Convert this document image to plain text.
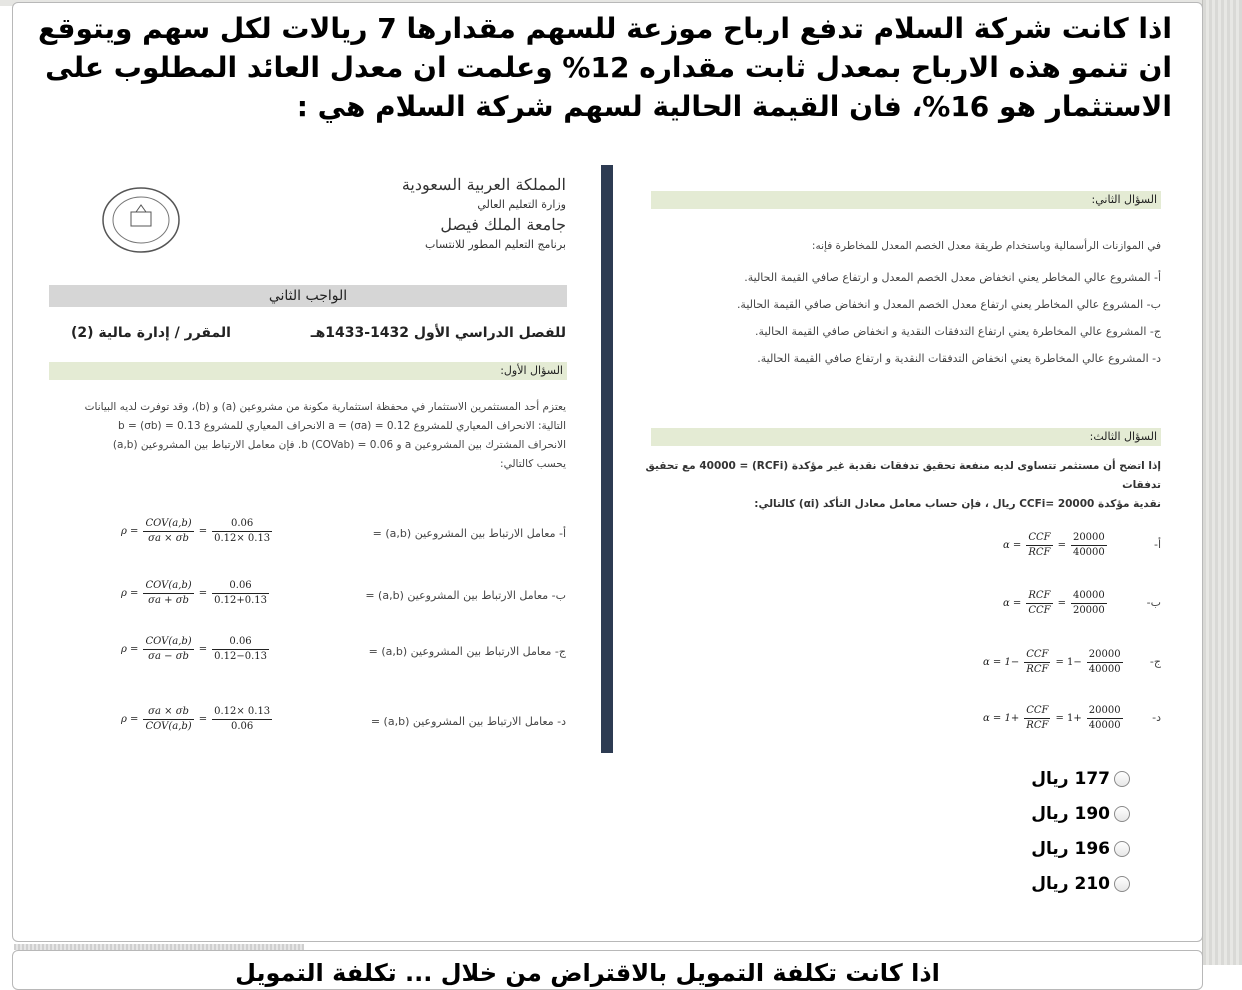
اذا كانت شركة السلام تدفع ارباح موزعة للسهم مقدارها 7 ريالات لكل سهم ويتوقع ان تنمو هذه الارباح بمعدل ثابت مقداره 12% وعلمت ان معدل العائد المطلوب على الاستثمار هو 16%، فان القيمة الحالية لسهم شركة السلام هي :
المملكة العربية السعودية
وزارة التعليم العالي
جامعة الملك فيصل
برنامج التعليم المطور للانتساب
الواجب الثاني
للفصل الدراسي الأول 1432-1433هـ
المقرر / إدارة مالية (2)
السؤال الأول:
يعتزم أحد المستثمرين الاستثمار في محفظة استثمارية مكونة من مشروعين (a) و (b)، وقد توفرت لديه البيانات
التالية: الانحراف المعياري للمشروع a = (σa) = 0.12 الانحراف المعياري للمشروع b = (σb) = 0.13
الانحراف المشترك بين المشروعين a و b (COVab) = 0.06. فإن معامل الارتباط بين المشروعين (a,b)
يحسب كالتالي:
أ- معامل الارتباط بين المشروعين (a,b) =
$\rho = \frac{\text{COV(a,b)}}{\sigma a \times \sigma b} = \frac{0.06}{0.12\times 0.13}$
ب- معامل الارتباط بين المشروعين (a,b) =
$\rho = \frac{\text{COV(a,b)}}{\sigma a + \sigma b} = \frac{0.06}{0.12+0.13}$
ج- معامل الارتباط بين المشروعين (a,b) =
$\rho = \frac{\text{COV(a,b)}}{\sigma a - \sigma b} = \frac{0.06}{0.12-0.13}$
د- معامل الارتباط بين المشروعين (a,b) =
$\rho = \frac{\sigma a \times \sigma b}{\text{COV(a,b)}} = \frac{0.12\times 0.13}{0.06}$
السؤال الثاني:
في الموازنات الرأسمالية وباستخدام طريقة معدل الخصم المعدل للمخاطرة فإنه:
أ- المشروع عالي المخاطر يعني انخفاض معدل الخصم المعدل و ارتفاع صافي القيمة الحالية.
ب- المشروع عالي المخاطر يعني ارتفاع معدل الخصم المعدل و انخفاض صافي القيمة الحالية.
ج- المشروع عالي المخاطرة يعني ارتفاع التدفقات النقدية و انخفاض صافي القيمة الحالية.
د- المشروع عالي المخاطرة يعني انخفاض التدفقات النقدية و ارتفاع صافي القيمة الحالية.
السؤال الثالث:
إذا اتضح أن مستثمر تتساوى لديه منفعة تحقيق تدفقات نقدية غير مؤكدة (RCFi) = 40000 مع تحقيق تدفقات
نقدية مؤكدة CCFi= 20000 ريال ، فإن حساب معامل معادل التأكد (αi) كالتالي:
أ-
$\alpha = \frac{\text{CCF}}{\text{RCF}} = \frac{20000}{40000}$
ب-
$\alpha = \frac{\text{RCF}}{\text{CCF}} = \frac{40000}{20000}$
ج-
$\alpha = 1- \frac{\text{CCF}}{\text{RCF}} = 1- \frac{20000}{40000}$
د-
$\alpha = 1+ \frac{\text{CCF}}{\text{RCF}} = 1+ \frac{20000}{40000}$
177 ريال
190 ريال
196 ريال
210 ريال
اذا كانت تكلفة التمويل بالاقتراض من خلال ... تكلفة التمويل
